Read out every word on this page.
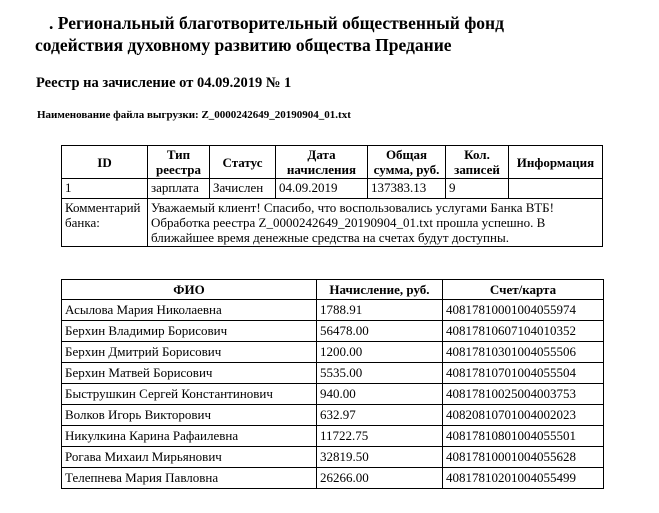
. Региональный благотворительный общественный фонд
содействия духовному развитию общества Предание
Реестр на зачисление от 04.09.2019 № 1
Наименование файла выгрузки: Z_0000242649_20190904_01.txt
ID	Тип реестра	Статус	Дата начисления	Общая сумма, руб.	Кол. записей	Информация
1	зарплата	Зачислен	04.09.2019	137383.13	9	
Комментарий банка:	Уважаемый клиент! Спасибо, что воспользовались услугами Банка ВТБ! Обработка реестра Z_0000242649_20190904_01.txt прошла успешно. В ближайшее время денежные средства на счетах будут доступны.					
ФИО	Начисление, руб.	Счет/карта
Асылова Мария Николаевна	1788.91	40817810001004055974
Берхин Владимир Борисович	56478.00	40817810607104010352
Берхин Дмитрий Борисович	1200.00	40817810301004055506
Берхин Матвей Борисович	5535.00	40817810701004055504
Быструшкин Сергей Константинович	940.00	40817810025004003753
Волков Игорь Викторович	632.97	40820810701004002023
Никулкина Карина Рафаилевна	11722.75	40817810801004055501
Рогава Михаил Мирьянович	32819.50	40817810001004055628
Телепнева Мария Павловна	26266.00	40817810201004055499
